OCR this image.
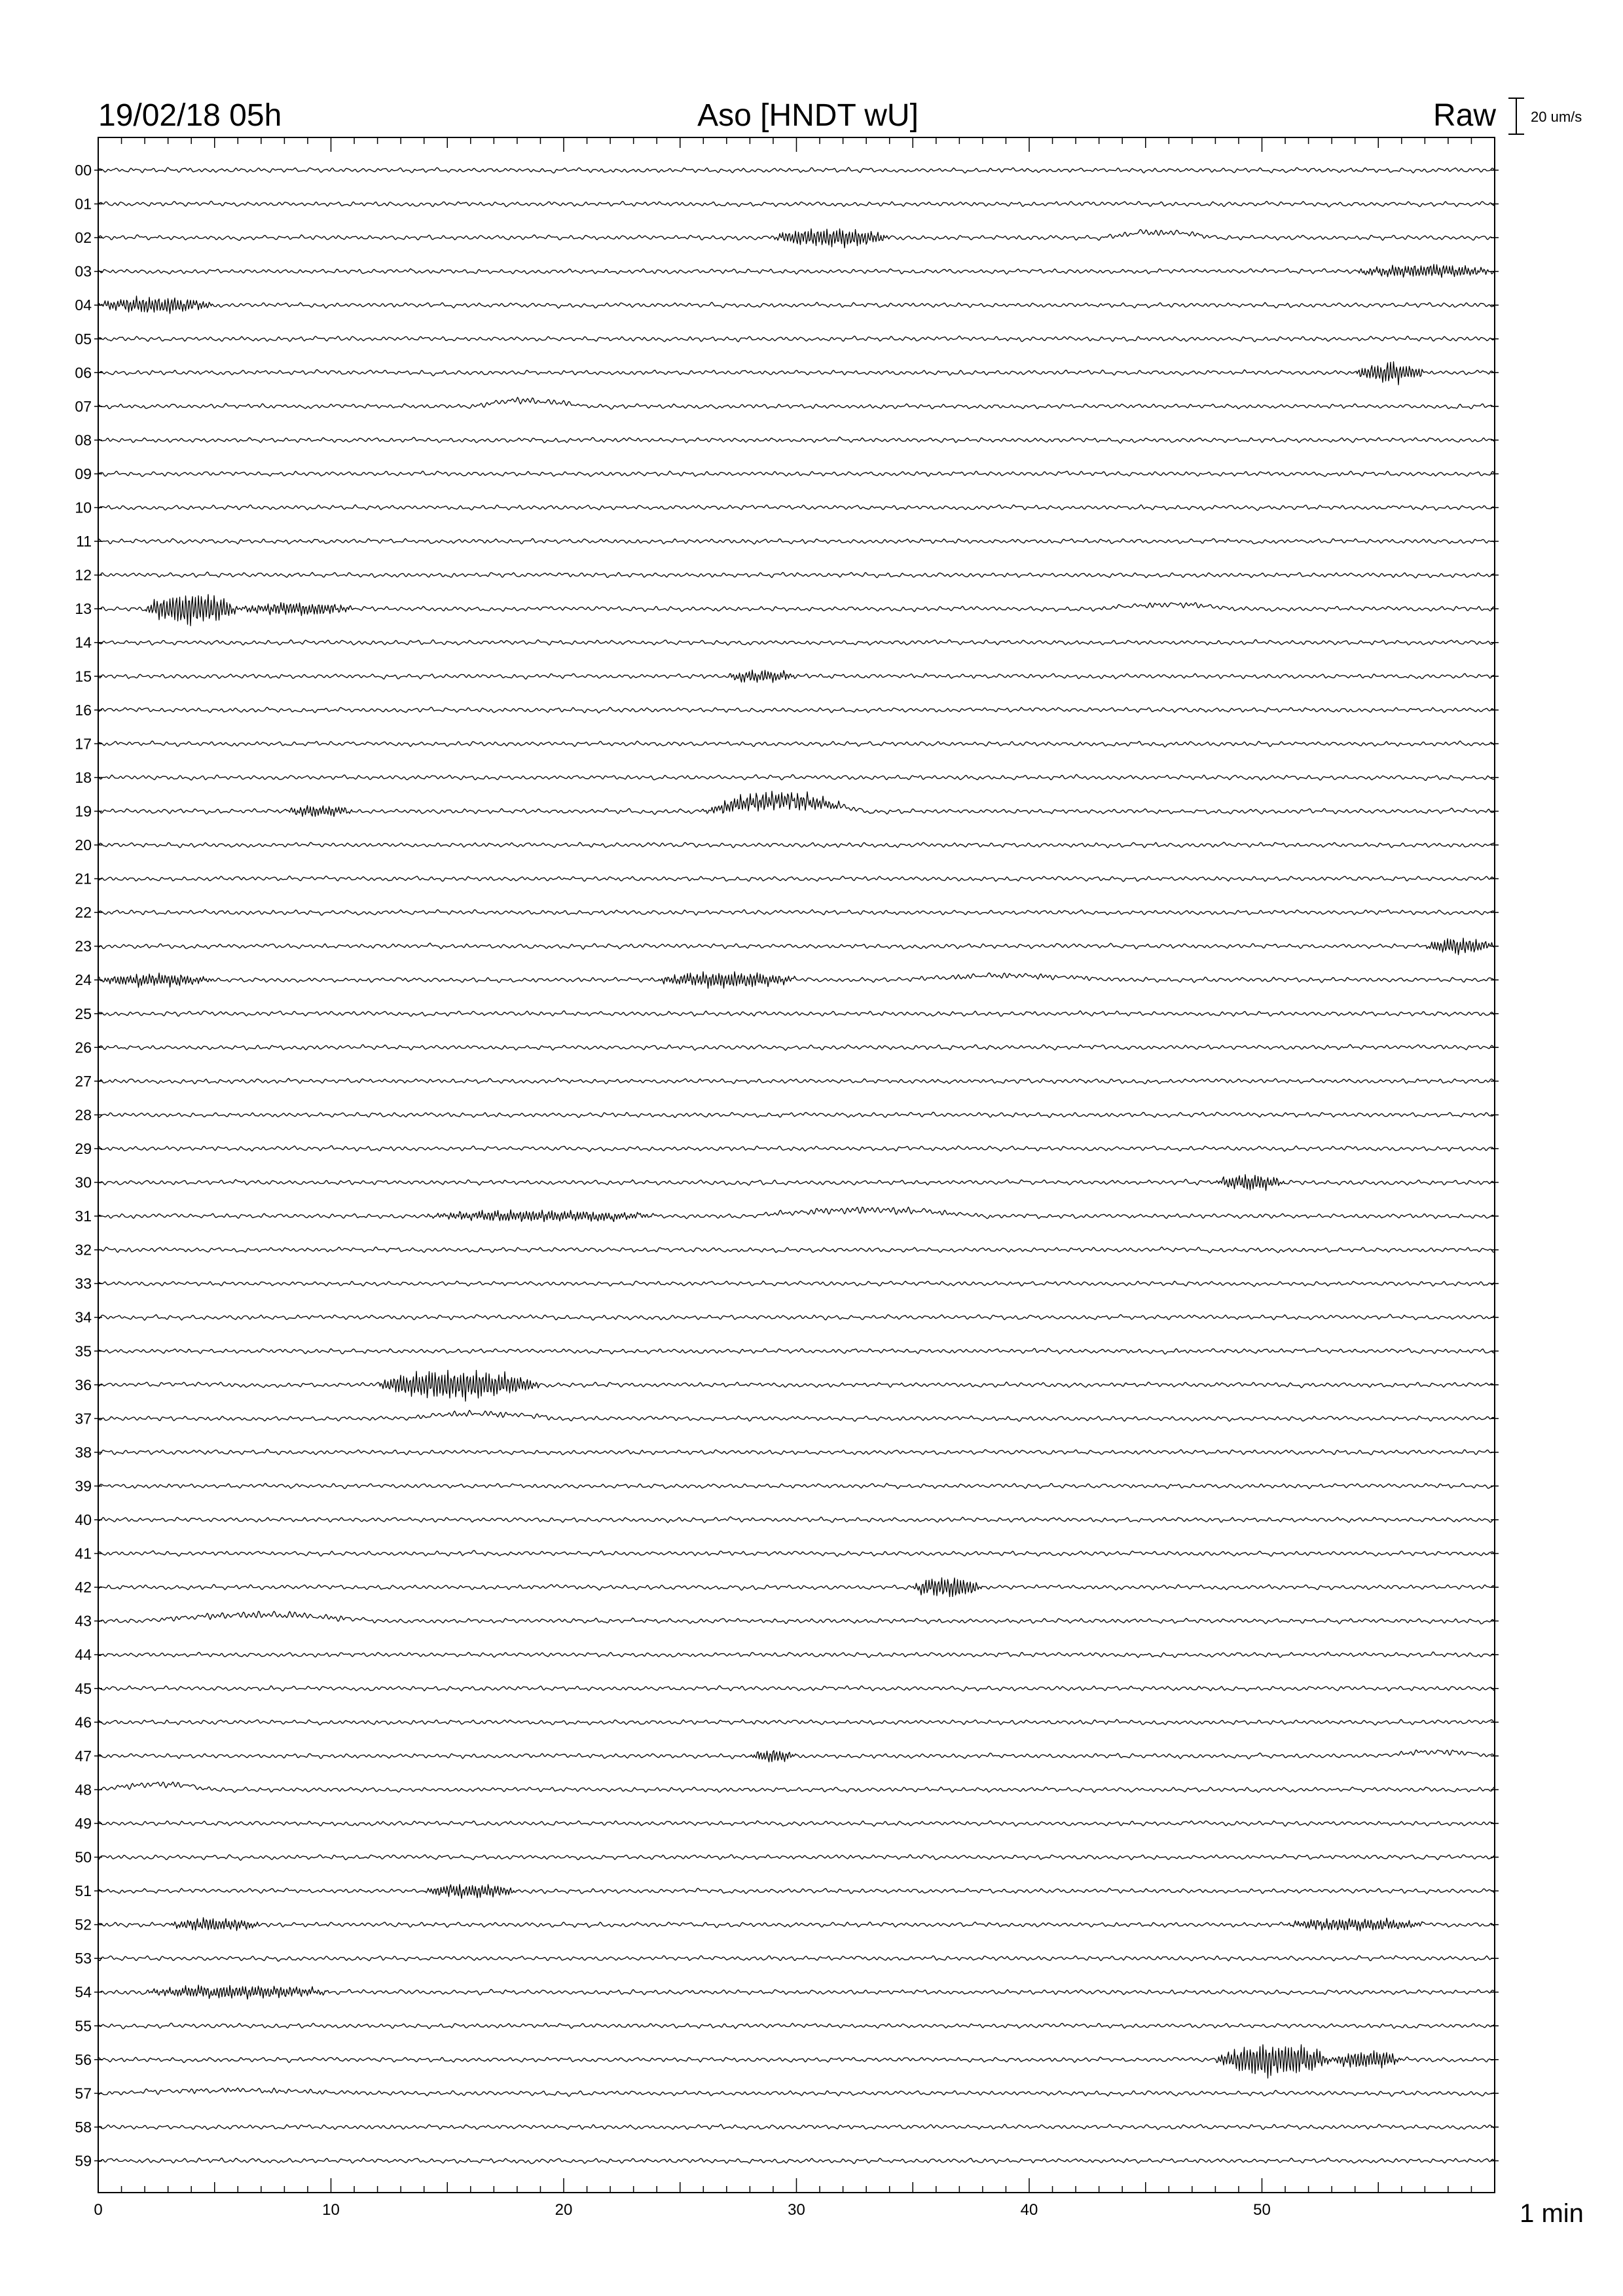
19/02/18 05h	Aso [HNDT wU]	Raw 20 um/s
0	10	20	30	40	50
00
01
02
03
04
05
06
07
08
09
10
11
12
13
14
15
16
17
18
19
20
21
22
23
24
25
26
27
28
29
30
31
32
33
34
35
36
37
38
39
40
41
42
43
44
45
46
47
48
49
50
51
52
53
54
55
56
57
58
59
1 min
